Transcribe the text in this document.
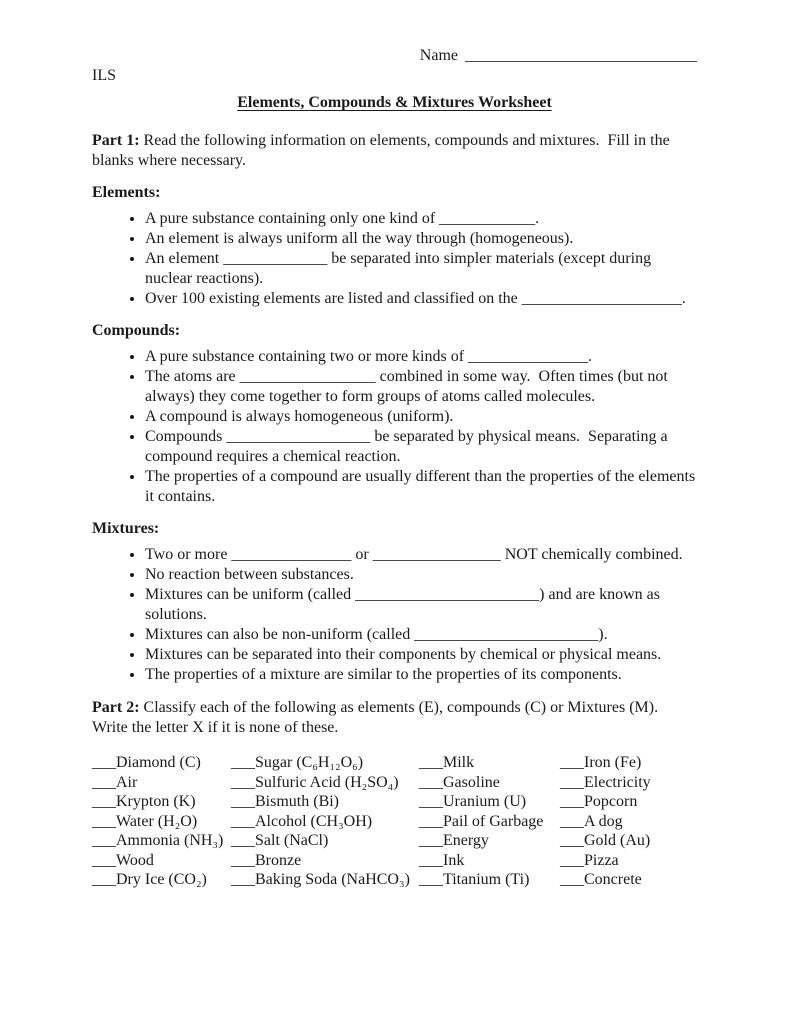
Name _____________________________
ILS
Elements, Compounds & Mixtures Worksheet

Part 1: Read the following information on elements, compounds and mixtures.  Fill in the blanks where necessary.

Elements:
• A pure substance containing only one kind of ____________.
• An element is always uniform all the way through (homogeneous).
• An element _____________ be separated into simpler materials (except during nuclear reactions).
• Over 100 existing elements are listed and classified on the ____________________.
Compounds:
• A pure substance containing two or more kinds of _______________.
• The atoms are _________________ combined in some way.  Often times (but not always) they come together to form groups of atoms called molecules.
• A compound is always homogeneous (uniform).
• Compounds __________________ be separated by physical means.  Separating a compound requires a chemical reaction.
• The properties of a compound are usually different than the properties of the elements it contains.
Mixtures:
• Two or more _______________ or ________________ NOT chemically combined.
• No reaction between substances.
• Mixtures can be uniform (called _______________________) and are known as solutions.
• Mixtures can also be non-uniform (called _______________________).
• Mixtures can be separated into their components by chemical or physical means.
• The properties of a mixture are similar to the properties of its components.

Part 2: Classify each of the following as elements (E), compounds (C) or Mixtures (M). Write the letter X if it is none of these.

___Diamond (C)	___Sugar (C₆H₁₂O₆)	___Milk	___Iron (Fe)
___Air	___Sulfuric Acid (H₂SO₄)	___Gasoline	___Electricity
___Krypton (K)	___Bismuth (Bi)	___Uranium (U)	___Popcorn
___Water (H₂O)	___Alcohol (CH₃OH)	___Pail of Garbage	___A dog
___Ammonia (NH₃) ___Salt (NaCl)	___Energy	___Gold (Au)
___Wood	___Bronze	___Ink	___Pizza
___Dry Ice (CO₂)	___Baking Soda (NaHCO₃) ___Titanium (Ti)	___Concrete
